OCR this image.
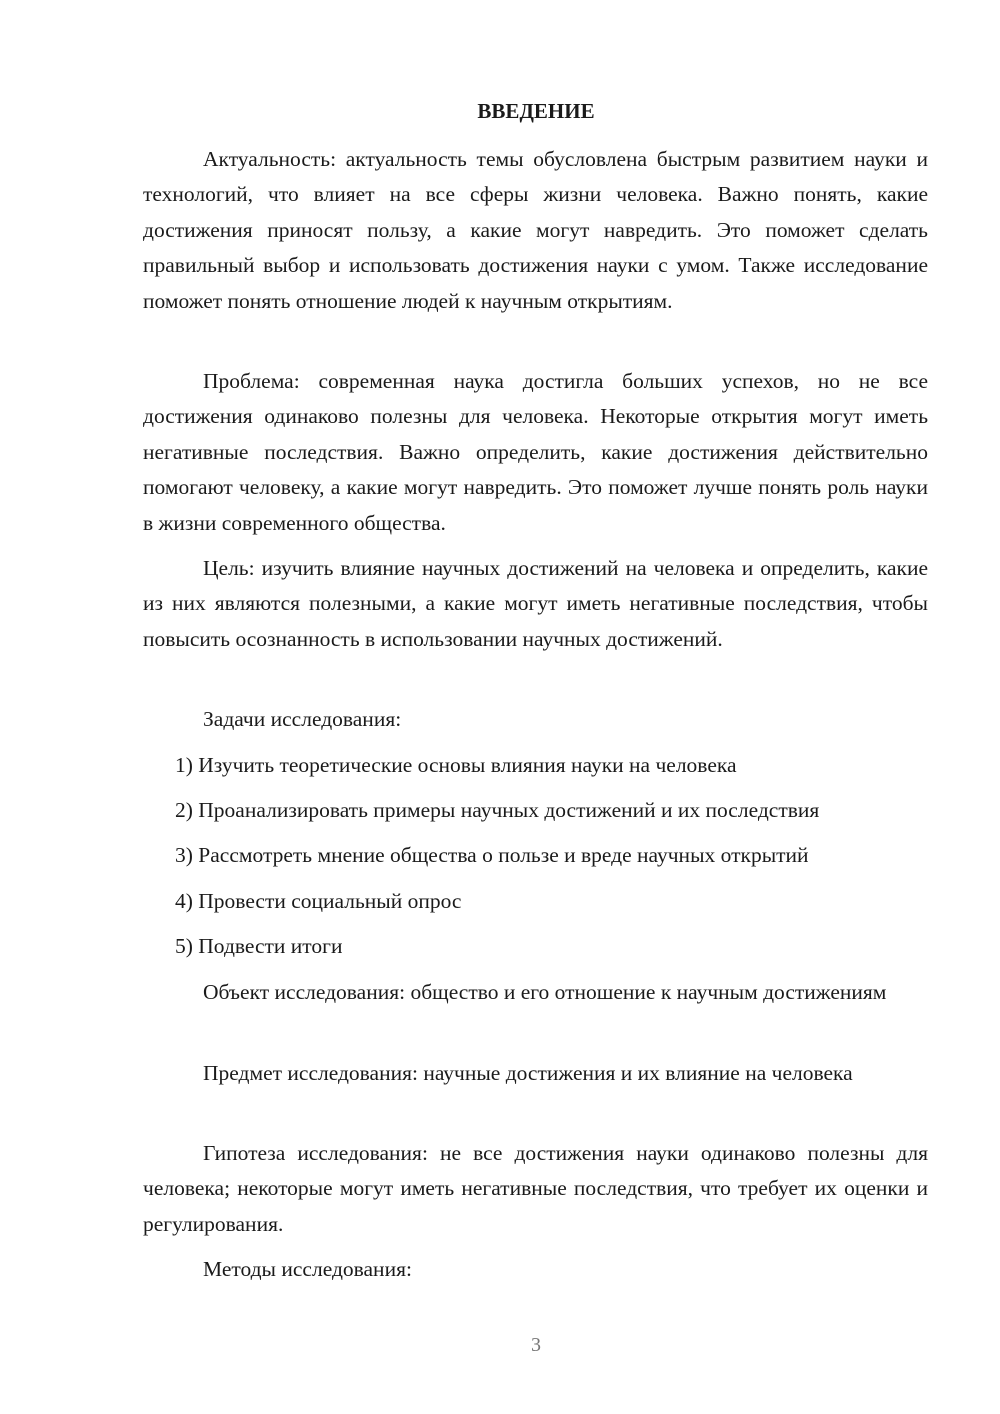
ВВЕДЕНИЕ

Актуальность: актуальность темы обусловлена быстрым развитием науки и технологий, что влияет на все сферы жизни человека. Важно понять, какие достижения приносят пользу, а какие могут навредить. Это поможет сделать правильный выбор и использовать достижения науки с умом. Также исследование поможет понять отношение людей к научным открытиям.

Проблема: современная наука достигла больших успехов, но не все достижения одинаково полезны для человека. Некоторые открытия могут иметь негативные последствия. Важно определить, какие достижения действительно помогают человеку, а какие могут навредить. Это поможет лучше понять роль науки в жизни современного общества.

Цель: изучить влияние научных достижений на человека и определить, какие из них являются полезными, а какие могут иметь негативные последствия, чтобы повысить осознанность в использовании научных достижений.

Задачи исследования:
1) Изучить теоретические основы влияния науки на человека
2) Проанализировать примеры научных достижений и их последствия
3) Рассмотреть мнение общества о пользе и вреде научных открытий
4) Провести социальный опрос
5) Подвести итоги

Объект исследования: общество и его отношение к научным достижениям

Предмет исследования: научные достижения и их влияние на человека

Гипотеза исследования: не все достижения науки одинаково полезны для человека; некоторые могут иметь негативные последствия, что требует их оценки и регулирования.

Методы исследования:
3
